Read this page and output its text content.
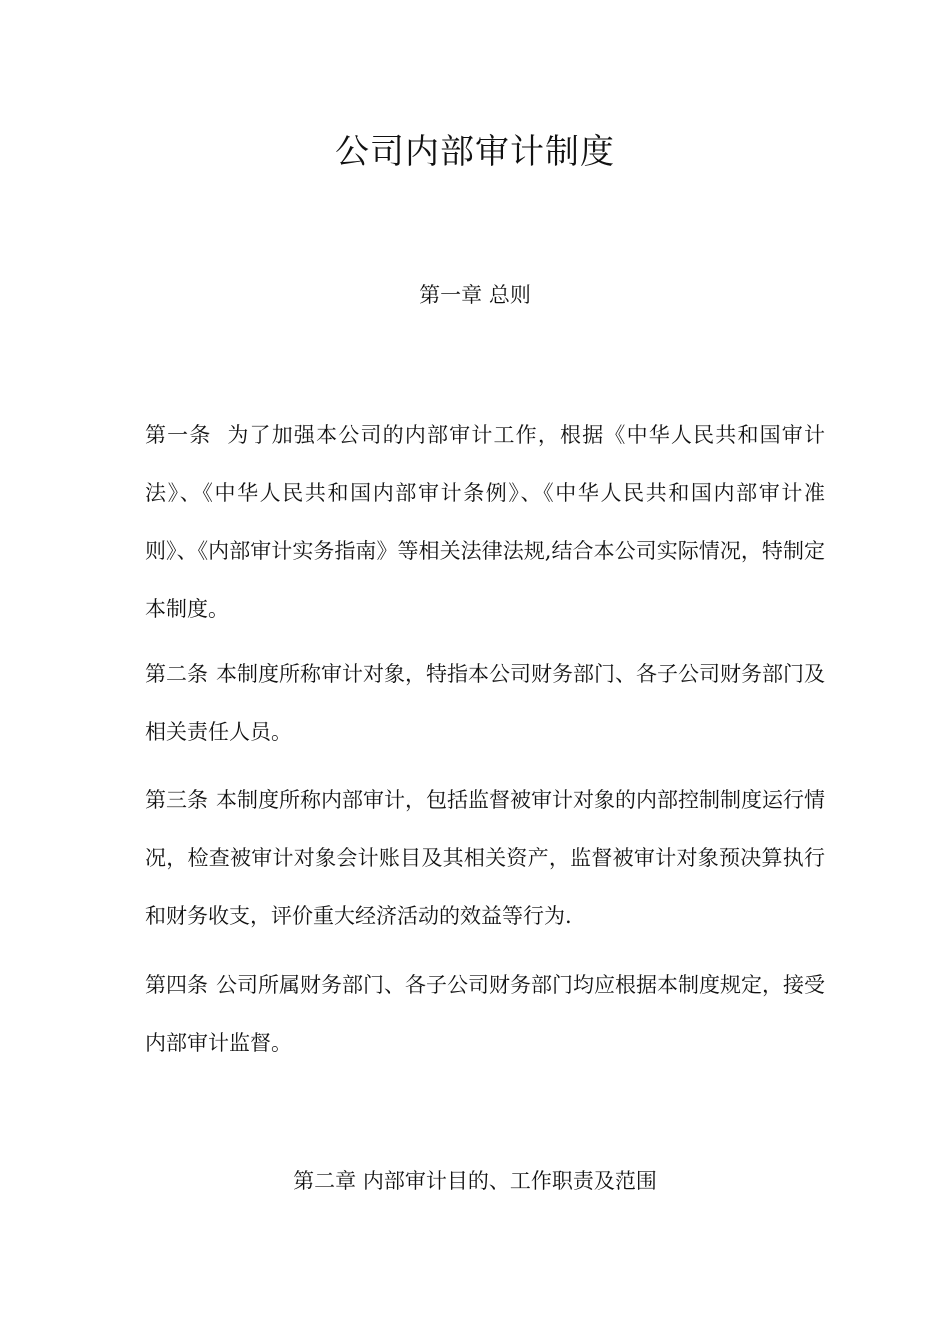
公司内部审计制度
第一章 总则
第一条 为了加强本公司的内部审计工作，根据《中华人民共和国审计法》、《中华人民共和国内部审计条例》、《中华人民共和国内部审计准则》、《内部审计实务指南》等相关法律法规,结合本公司实际情况，特制定本制度。
第二条 本制度所称审计对象，特指本公司财务部门、各子公司财务部门及相关责任人员。
第三条 本制度所称内部审计，包括监督被审计对象的内部控制制度运行情况，检查被审计对象会计账目及其相关资产，监督被审计对象预决算执行和财务收支，评价重大经济活动的效益等行为.
第四条 公司所属财务部门、各子公司财务部门均应根据本制度规定，接受内部审计监督。
第二章 内部审计目的、工作职责及范围
